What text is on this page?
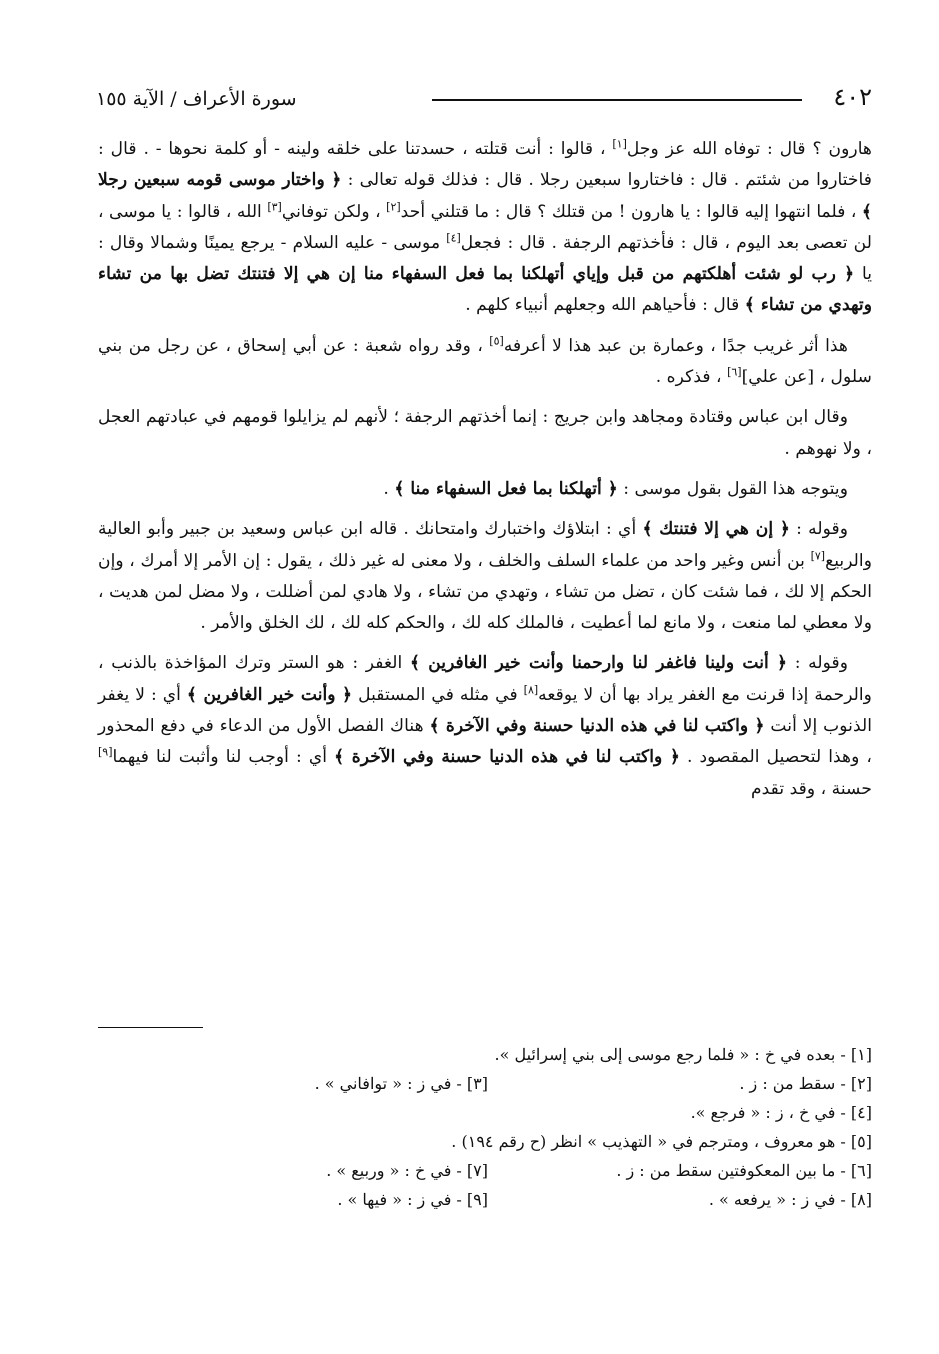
٤٠٢
سورة الأعراف / الآية ١٥٥

هارون ؟ قال : توفاه الله عز وجل[١] ، قالوا : أنت قتلته ، حسدتنا على خلقه ولينه - أو كلمة نحوها - . قال : فاختاروا من شئتم . قال : فاختاروا سبعين رجلا . قال : فذلك قوله تعالى : ﴿ واختار موسى قومه سبعين رجلا ﴾ ، فلما انتهوا إليه قالوا : يا هارون ! من قتلك ؟ قال : ما قتلني أحد[٢] ، ولكن توفاني[٣] الله ، قالوا : يا موسى ، لن تعصى بعد اليوم ، قال : فأخذتهم الرجفة . قال : فجعل[٤] موسى - عليه السلام - يرجع يمينًا وشمالا وقال : يا ﴿ رب لو شئت أهلكتهم من قبل وإياي أتهلكنا بما فعل السفهاء منا إن هي إلا فتنتك تضل بها من تشاء وتهدي من تشاء ﴾ قال : فأحياهم الله وجعلهم أنبياء كلهم .

هذا أثر غريب جدًا ، وعمارة بن عبد هذا لا أعرفه[٥] ، وقد رواه شعبة : عن أبي إسحاق ، عن رجل من بني سلول ، [عن علي][٦] ، فذكره .

وقال ابن عباس وقتادة ومجاهد وابن جريج : إنما أخذتهم الرجفة ؛ لأنهم لم يزايلوا قومهم في عبادتهم العجل ، ولا نهوهم .

ويتوجه هذا القول بقول موسى : ﴿ أتهلكنا بما فعل السفهاء منا ﴾ .

وقوله : ﴿ إن هي إلا فتنتك ﴾ أي : ابتلاؤك واختبارك وامتحانك . قاله ابن عباس وسعيد بن جبير وأبو العالية والربيع[٧] بن أنس وغير واحد من علماء السلف والخلف ، ولا معنى له غير ذلك ، يقول : إن الأمر إلا أمرك ، وإن الحكم إلا لك ، فما شئت كان ، تضل من تشاء ، وتهدي من تشاء ، ولا هادي لمن أضللت ، ولا مضل لمن هديت ، ولا معطي لما منعت ، ولا مانع لما أعطيت ، فالملك كله لك ، والحكم كله لك ، لك الخلق والأمر .

وقوله : ﴿ أنت ولينا فاغفر لنا وارحمنا وأنت خير الغافرين ﴾ الغفر : هو الستر وترك المؤاخذة بالذنب ، والرحمة إذا قرنت مع الغفر يراد بها أن لا يوقعه[٨] في مثله في المستقبل ﴿ وأنت خير الغافرين ﴾ أي : لا يغفر الذنوب إلا أنت ﴿ واكتب لنا في هذه الدنيا حسنة وفي الآخرة ﴾ هناك الفصل الأول من الدعاء في دفع المحذور ، وهذا لتحصيل المقصود . ﴿ واكتب لنا في هذه الدنيا حسنة وفي الآخرة ﴾ أي : أوجب لنا وأثبت لنا فيهما[٩] حسنة ، وقد تقدم

[١] - بعده في خ : « فلما رجع موسى إلى بني إسرائيل ».
[٢] - سقط من : ز .
[٣] - في ز : « توافاني » .
[٤] - في خ ، ز : « فرجع ».
[٥] - هو معروف ، ومترجم في « التهذيب » انظر (ح رقم ١٩٤) .
[٦] - ما بين المعكوفتين سقط من : ز .
[٧] - في خ : « وربيع » .
[٨] - في ز : « يرفعه » .
[٩] - في ز : « فيها » .
